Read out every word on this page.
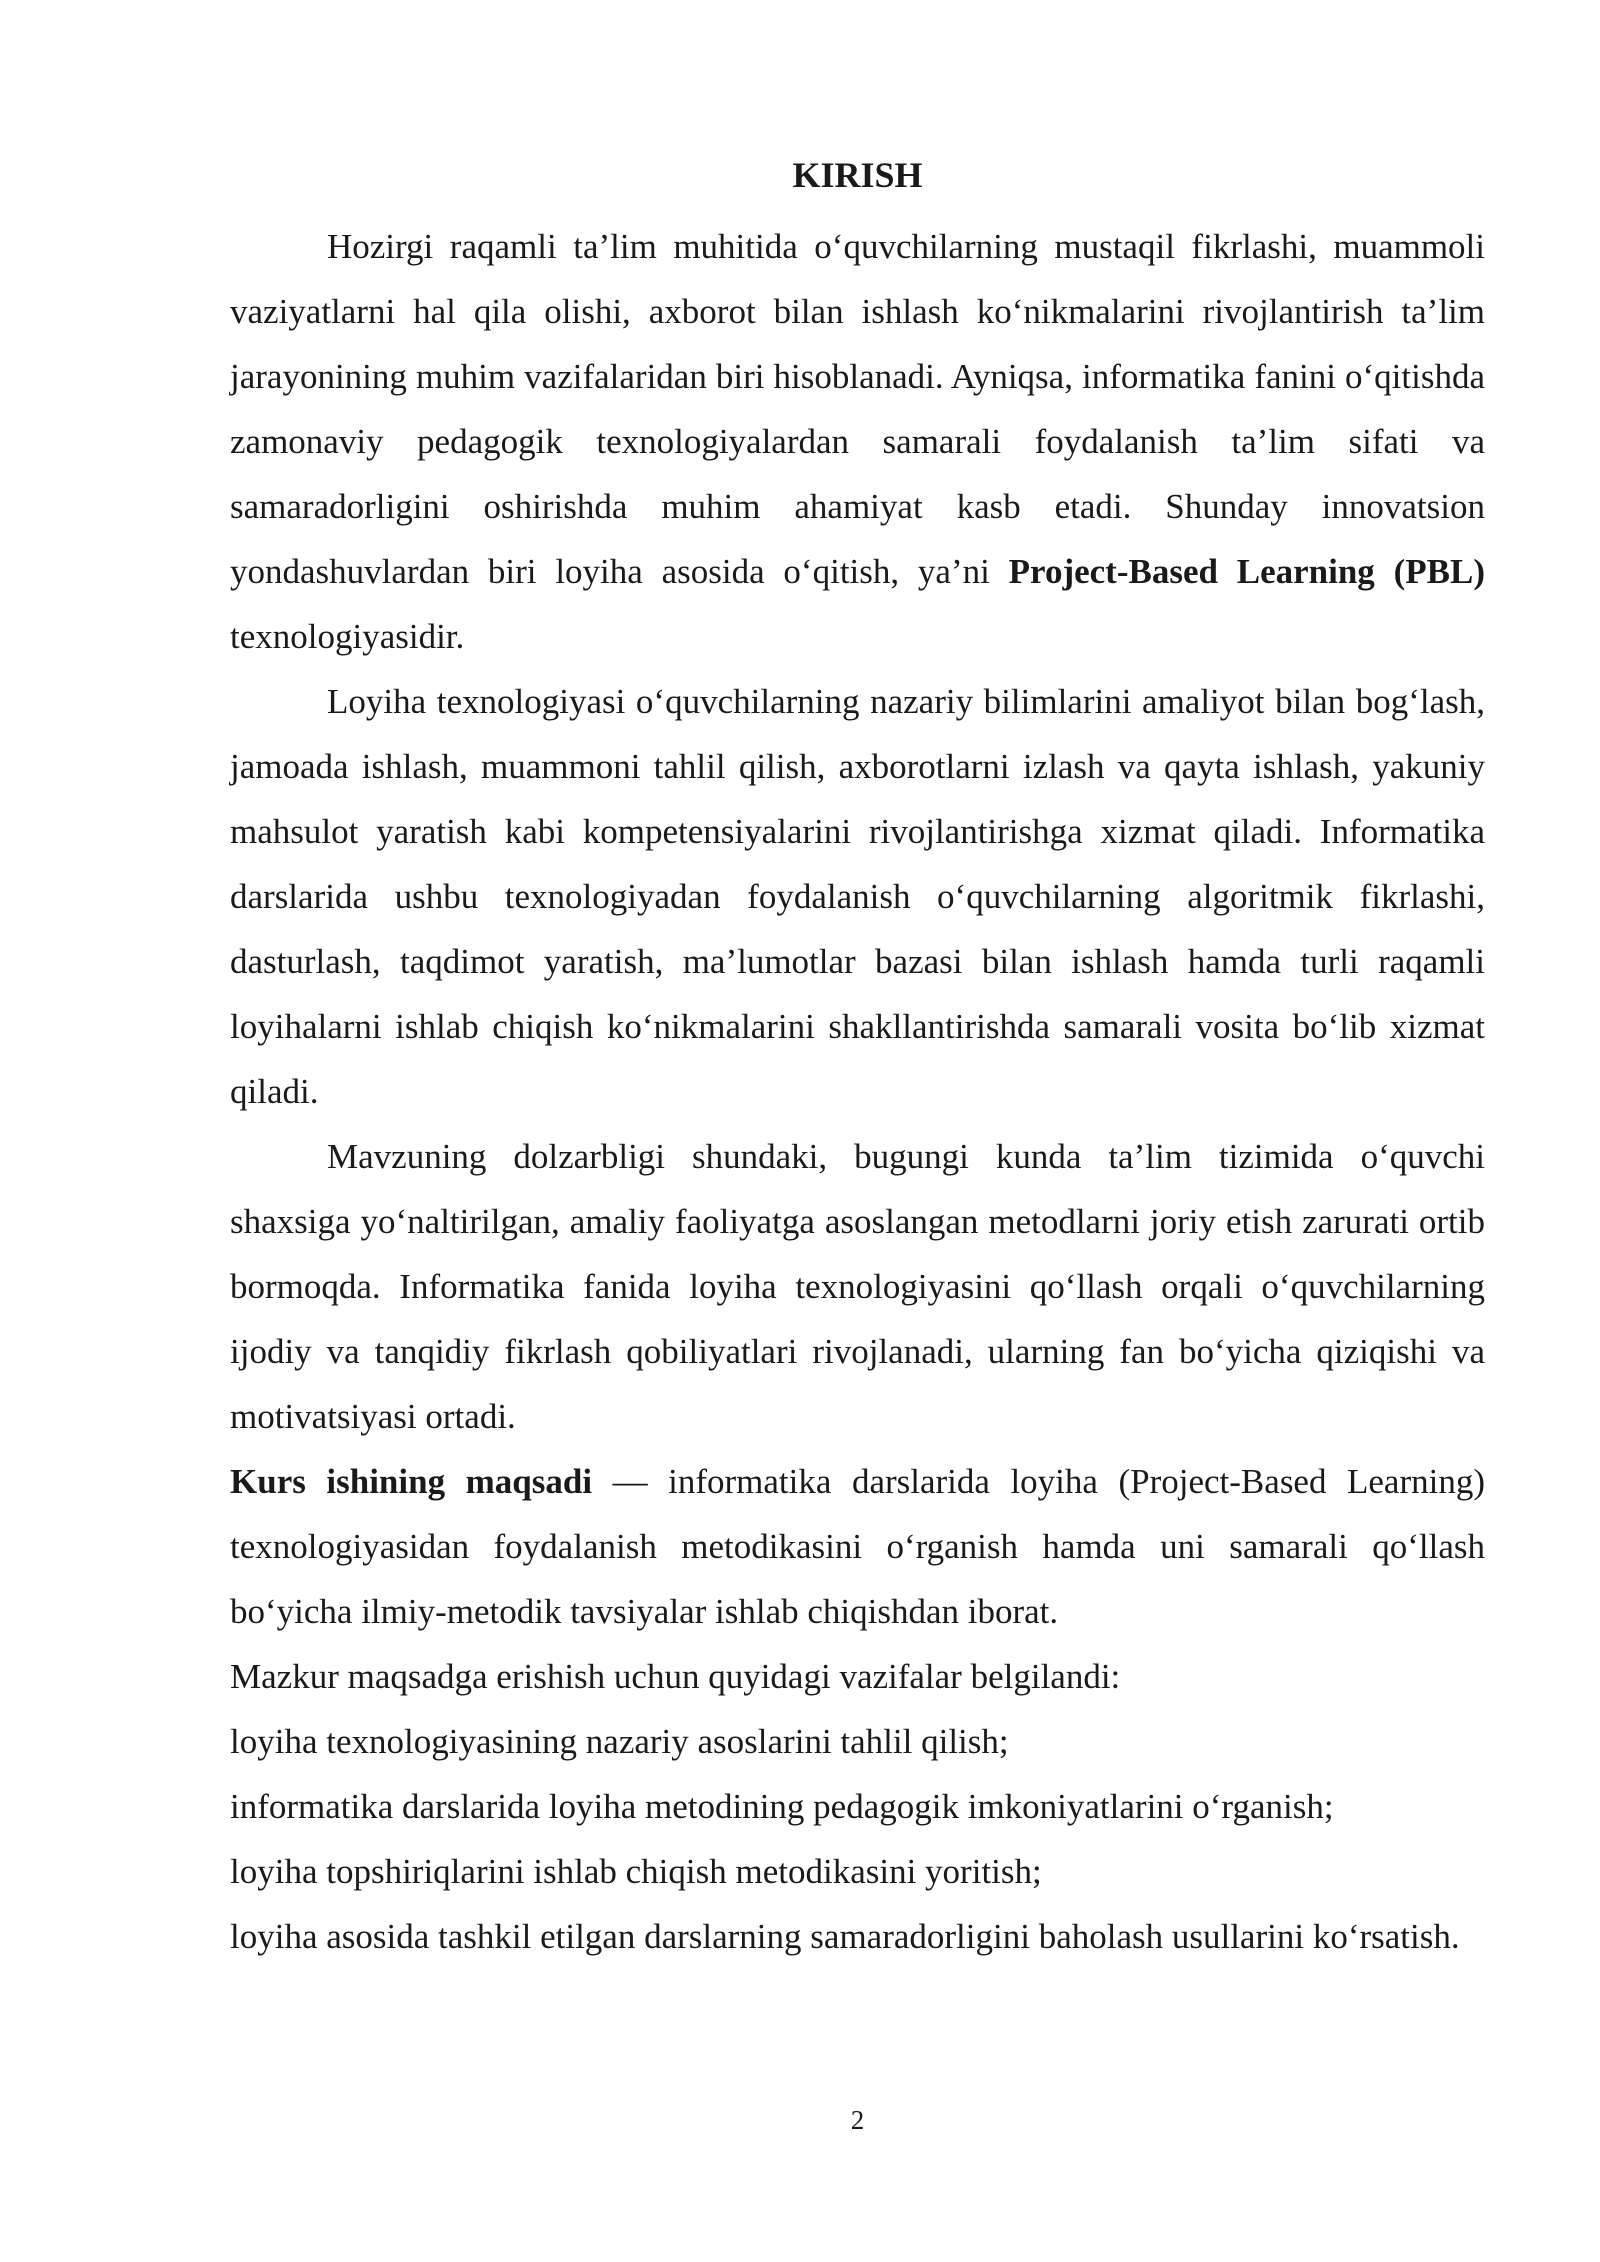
KIRISH

Hozirgi raqamli ta’lim muhitida o‘quvchilarning mustaqil fikrlashi, muammoli vaziyatlarni hal qila olishi, axborot bilan ishlash ko‘nikmalarini rivojlantirish ta’lim jarayonining muhim vazifalaridan biri hisoblanadi. Ayniqsa, informatika fanini o‘qitishda zamonaviy pedagogik texnologiyalardan samarali foydalanish ta’lim sifati va samaradorligini oshirishda muhim ahamiyat kasb etadi. Shunday innovatsion yondashuvlardan biri loyiha asosida o‘qitish, ya’ni Project-Based Learning (PBL) texnologiyasidir.

Loyiha texnologiyasi o‘quvchilarning nazariy bilimlarini amaliyot bilan bog‘lash, jamoada ishlash, muammoni tahlil qilish, axborotlarni izlash va qayta ishlash, yakuniy mahsulot yaratish kabi kompetensiyalarini rivojlantirishga xizmat qiladi. Informatika darslarida ushbu texnologiyadan foydalanish o‘quvchilarning algoritmik fikrlashi, dasturlash, taqdimot yaratish, ma’lumotlar bazasi bilan ishlash hamda turli raqamli loyihalarni ishlab chiqish ko‘nikmalarini shakllantirishda samarali vosita bo‘lib xizmat qiladi.

Mavzuning dolzarbligi shundaki, bugungi kunda ta’lim tizimida o‘quvchi shaxsiga yo‘naltirilgan, amaliy faoliyatga asoslangan metodlarni joriy etish zarurati ortib bormoqda. Informatika fanida loyiha texnologiyasini qo‘llash orqali o‘quvchilarning ijodiy va tanqidiy fikrlash qobiliyatlari rivojlanadi, ularning fan bo‘yicha qiziqishi va motivatsiyasi ortadi.

Kurs ishining maqsadi — informatika darslarida loyiha (Project-Based Learning) texnologiyasidan foydalanish metodikasini o‘rganish hamda uni samarali qo‘llash bo‘yicha ilmiy-metodik tavsiyalar ishlab chiqishdan iborat.

Mazkur maqsadga erishish uchun quyidagi vazifalar belgilandi:

loyiha texnologiyasining nazariy asoslarini tahlil qilish;

informatika darslarida loyiha metodining pedagogik imkoniyatlarini o‘rganish;

loyiha topshiriqlarini ishlab chiqish metodikasini yoritish;

loyiha asosida tashkil etilgan darslarning samaradorligini baholash usullarini ko‘rsatish.

2
